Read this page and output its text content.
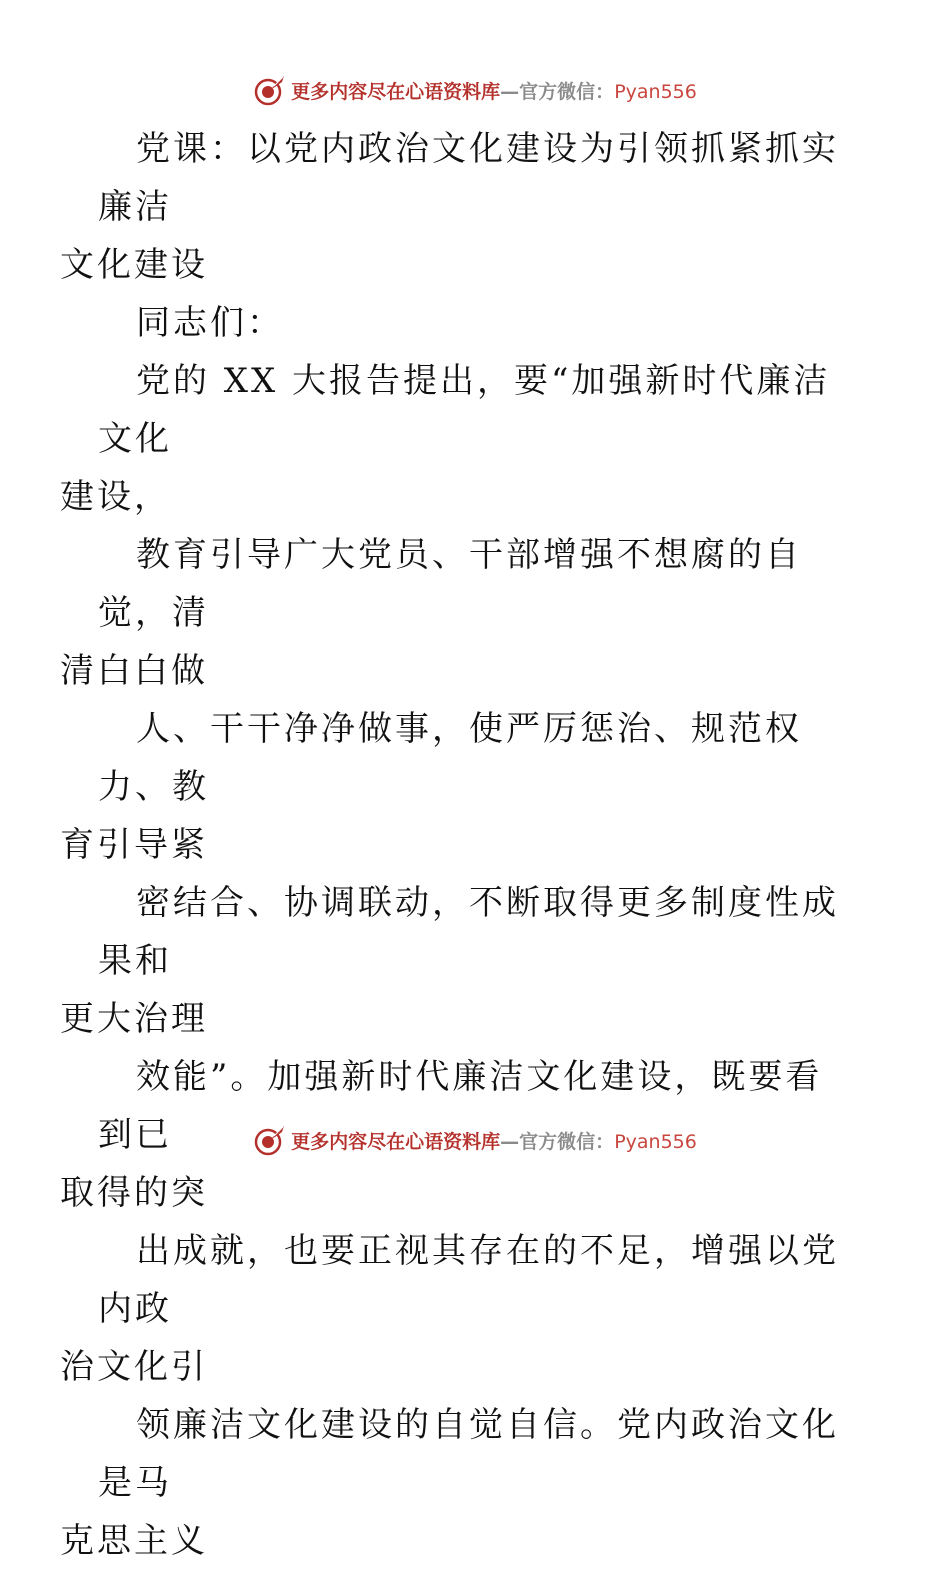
更多内容尽在心语资料库—官方微信：Pyan556

党课：以党内政治文化建设为引领抓紧抓实廉洁
文化建设

同志们：

党的 XX 大报告提出，要“加强新时代廉洁文化
建设，

教育引导广大党员、干部增强不想腐的自觉，清
清白白做

人、干干净净做事，使严厉惩治、规范权力、教
育引导紧

密结合、协调联动，不断取得更多制度性成果和
更大治理

效能”。加强新时代廉洁文化建设，既要看到已
取得的突

出成就，也要正视其存在的不足，增强以党内政
治文化引

领廉洁文化建设的自觉自信。党内政治文化是马
克思主义

更多内容尽在心语资料库—官方微信：Pyan556
